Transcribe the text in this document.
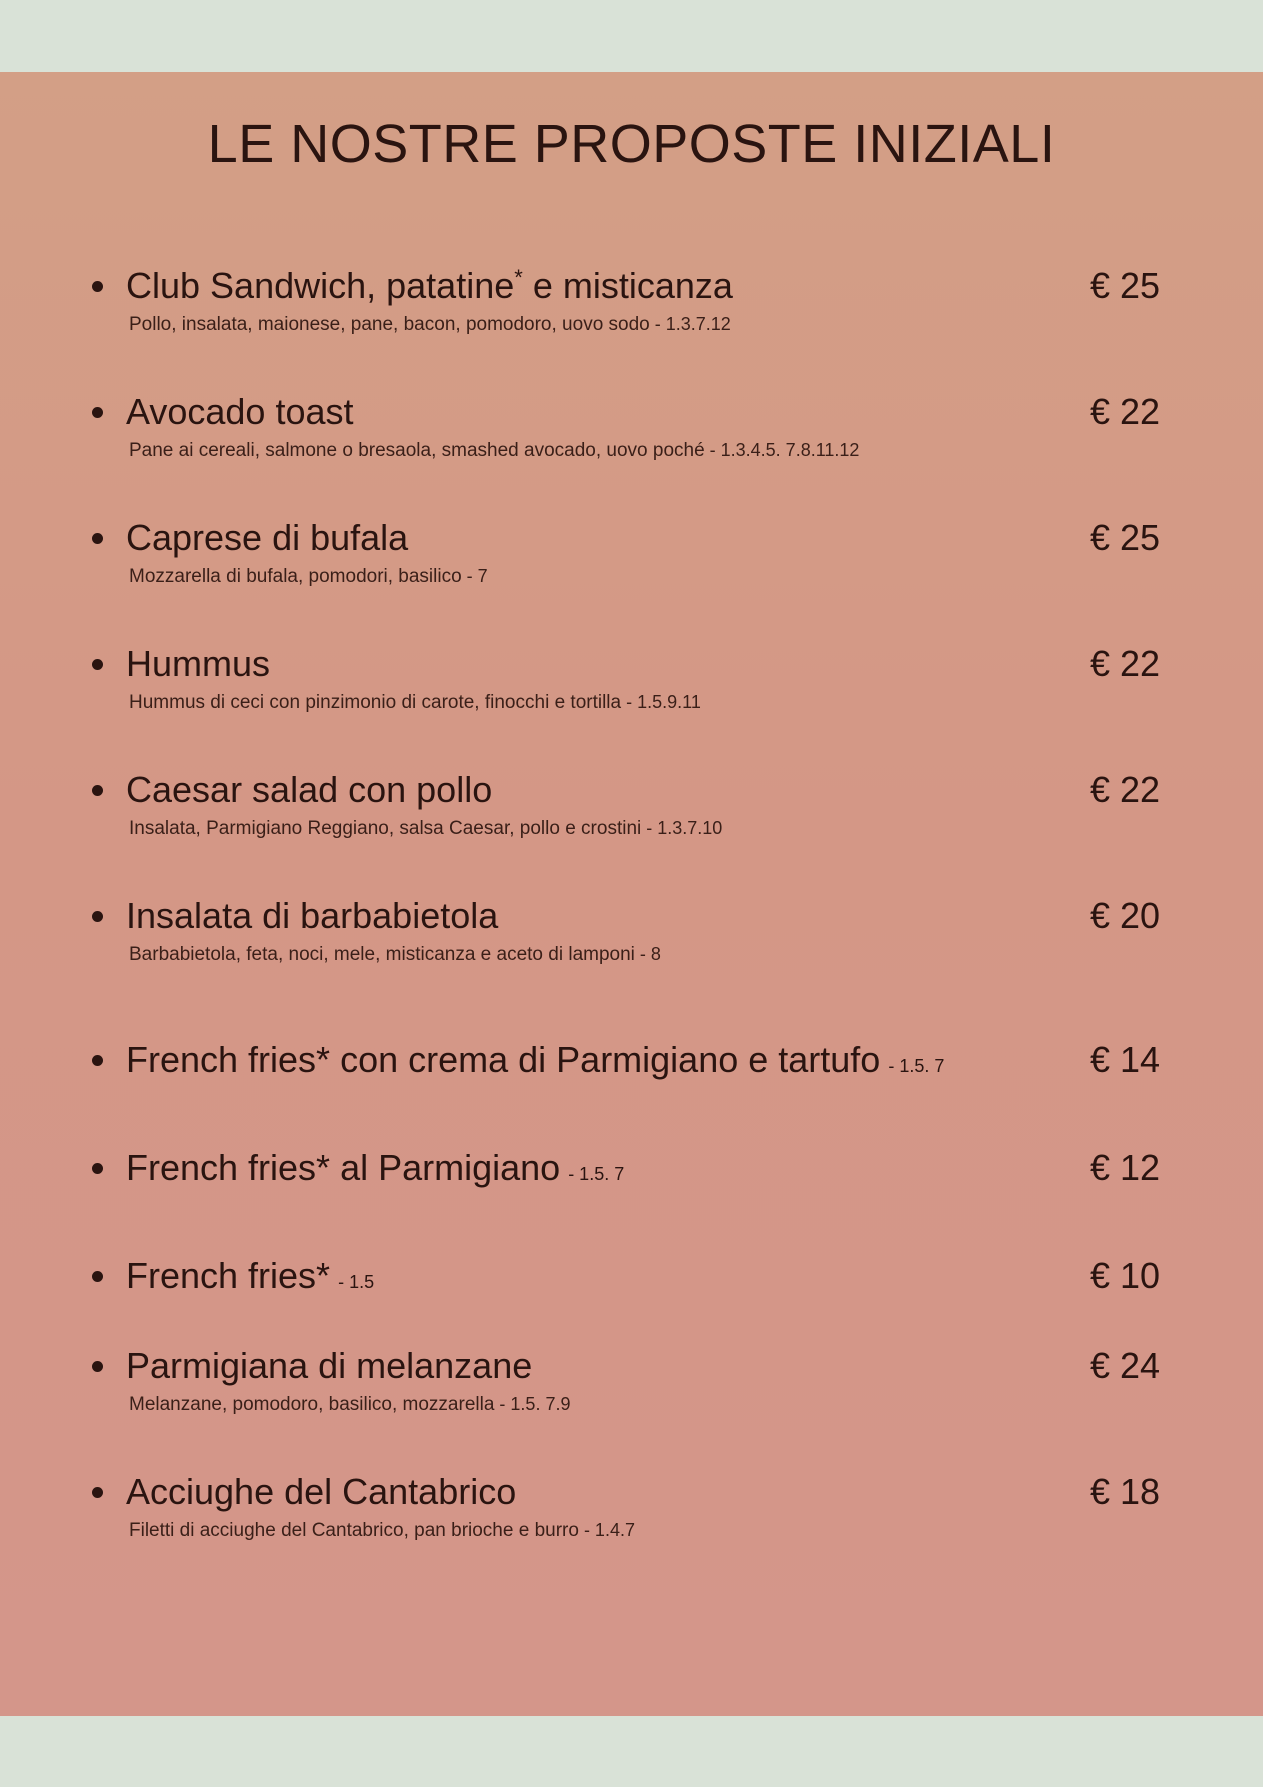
LE NOSTRE PROPOSTE INIZIALI
Club Sandwich, patatine* e misticanza	€ 25
Pollo, insalata, maionese, pane, bacon, pomodoro, uovo sodo - 1.3.7.12
Avocado toast	€ 22
Pane ai cereali, salmone o bresaola, smashed avocado, uovo poché - 1.3.4.5. 7.8.11.12
Caprese di bufala	€ 25
Mozzarella di bufala, pomodori, basilico - 7
Hummus	€ 22
Hummus di ceci con pinzimonio di carote, finocchi e tortilla - 1.5.9.11
Caesar salad con pollo	€ 22
Insalata, Parmigiano Reggiano, salsa Caesar, pollo e crostini - 1.3.7.10
Insalata di barbabietola	€ 20
Barbabietola, feta, noci, mele, misticanza e aceto di lamponi - 8
French fries* con crema di Parmigiano e tartufo - 1.5. 7	€ 14
French fries* al Parmigiano - 1.5. 7	€ 12
French fries* - 1.5	€ 10
Parmigiana di melanzane	€ 24
Melanzane, pomodoro, basilico, mozzarella - 1.5. 7.9
Acciughe del Cantabrico	€ 18
Filetti di acciughe del Cantabrico, pan brioche e burro - 1.4.7
